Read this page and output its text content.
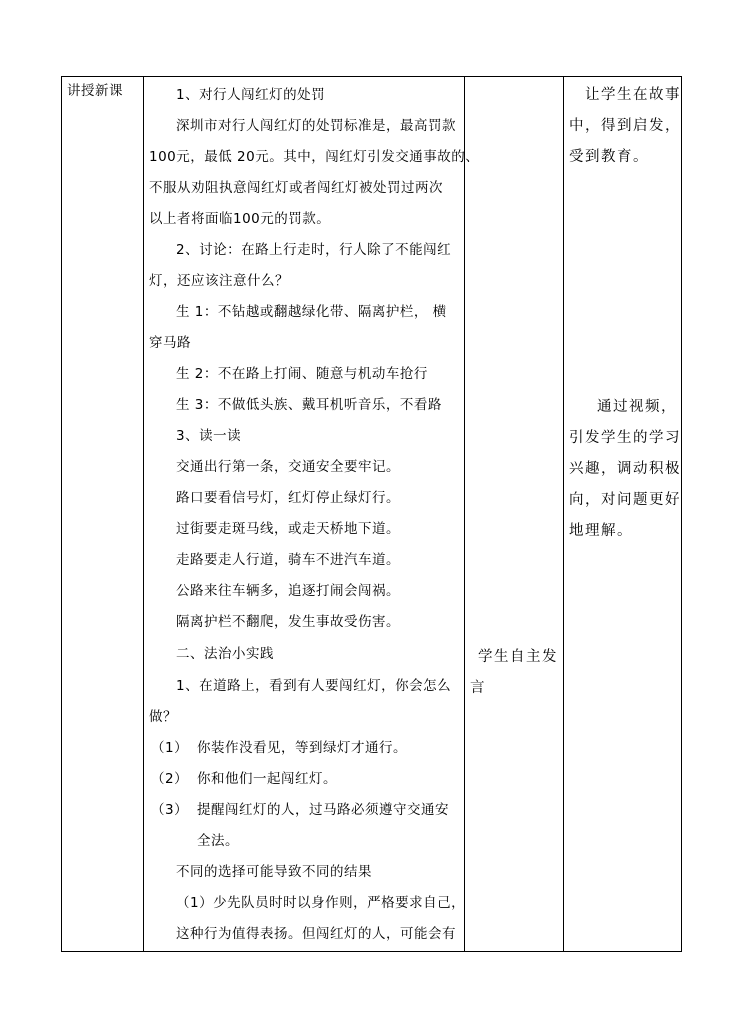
讲授新课	1、对行人闯红灯的处罚
深圳市对行人闯红灯的处罚标准是，最高罚款
100元，最低 20元。其中，闯红灯引发交通事故的、
不服从劝阻执意闯红灯或者闯红灯被处罚过两次
以上者将面临100元的罚款。
2、讨论：在路上行走时，行人除了不能闯红
灯，还应该注意什么？
生 1：不钻越或翻越绿化带、隔离护栏， 横
穿马路
生 2：不在路上打闹、随意与机动车抢行
生 3：不做低头族、戴耳机听音乐，不看路
3、读一读
交通出行第一条，交通安全要牢记。
路口要看信号灯，红灯停止绿灯行。
过街要走斑马线，或走天桥地下道。
走路要走人行道，骑车不进汽车道。
公路来往车辆多，追逐打闹会闯祸。
隔离护栏不翻爬，发生事故受伤害。
二、法治小实践
1、在道路上，看到有人要闯红灯，你会怎么
做？
（1） 你装作没看见，等到绿灯才通行。
（2） 你和他们一起闯红灯。
（3） 提醒闯红灯的人，过马路必须遵守交通安
全法。
不同的选择可能导致不同的结果
（1）少先队员时时以身作则，严格要求自己，
这种行为值得表扬。但闯红灯的人，可能会有
学生自主发
言
让学生在故事
中，得到启发，
受到教育。
通过视频，
引发学生的学习
兴趣，调动积极
向，对问题更好
地理解。
